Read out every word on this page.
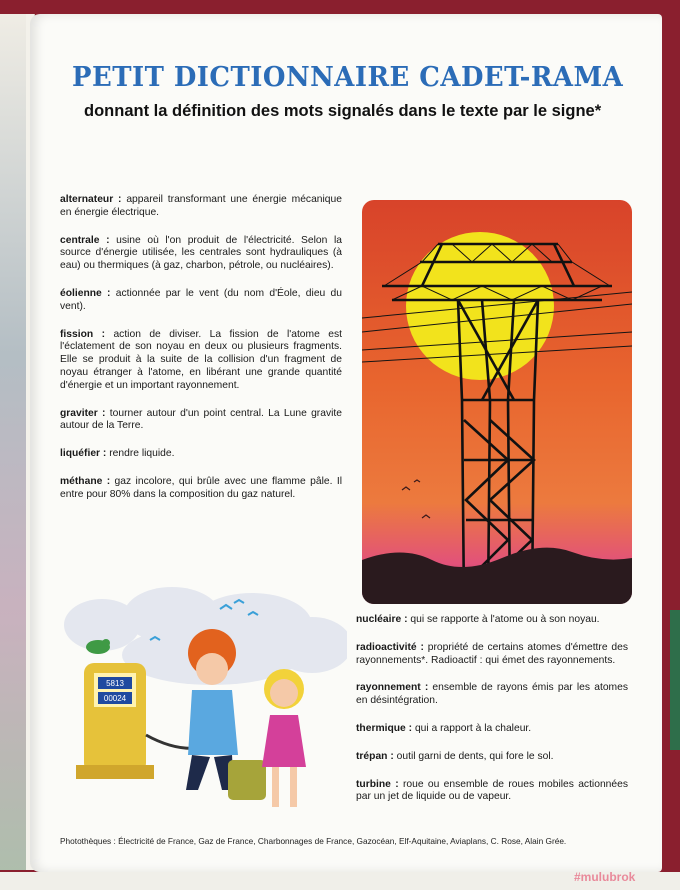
PETIT DICTIONNAIRE CADET-RAMA

donnant la définition des mots signalés dans le texte par le signe*

alternateur : appareil transformant une énergie mécanique en énergie électrique.

centrale : usine où l'on produit de l'électricité. Selon la source d'énergie utilisée, les centrales sont hydrauliques (à eau) ou thermiques (à gaz, charbon, pétrole, ou nucléaires).

éolienne : actionnée par le vent (du nom d'Éole, dieu du vent).

fission : action de diviser. La fission de l'atome est l'éclatement de son noyau en deux ou plusieurs fragments. Elle se produit à la suite de la collision d'un fragment de noyau étranger à l'atome, en libérant une grande quantité d'énergie et un important rayonnement.

graviter : tourner autour d'un point central. La Lune gravite autour de la Terre.

liquéfier : rendre liquide.

méthane : gaz incolore, qui brûle avec une flamme pâle. Il entre pour 80% dans la composition du gaz naturel.

5813
00024

nucléaire : qui se rapporte à l'atome ou à son noyau.

radioactivité : propriété de certains atomes d'émettre des rayonnements*. Radioactif : qui émet des rayonnements.

rayonnement : ensemble de rayons émis par les atomes en désintégration.

thermique : qui a rapport à la chaleur.

trépan : outil garni de dents, qui fore le sol.

turbine : roue ou ensemble de roues mobiles actionnées par un jet de liquide ou de vapeur.

Photothèques : Électricité de France, Gaz de France, Charbonnages de France, Gazocéan, Elf-Aquitaine, Aviaplans, C. Rose, Alain Grée.

#mulubrok
